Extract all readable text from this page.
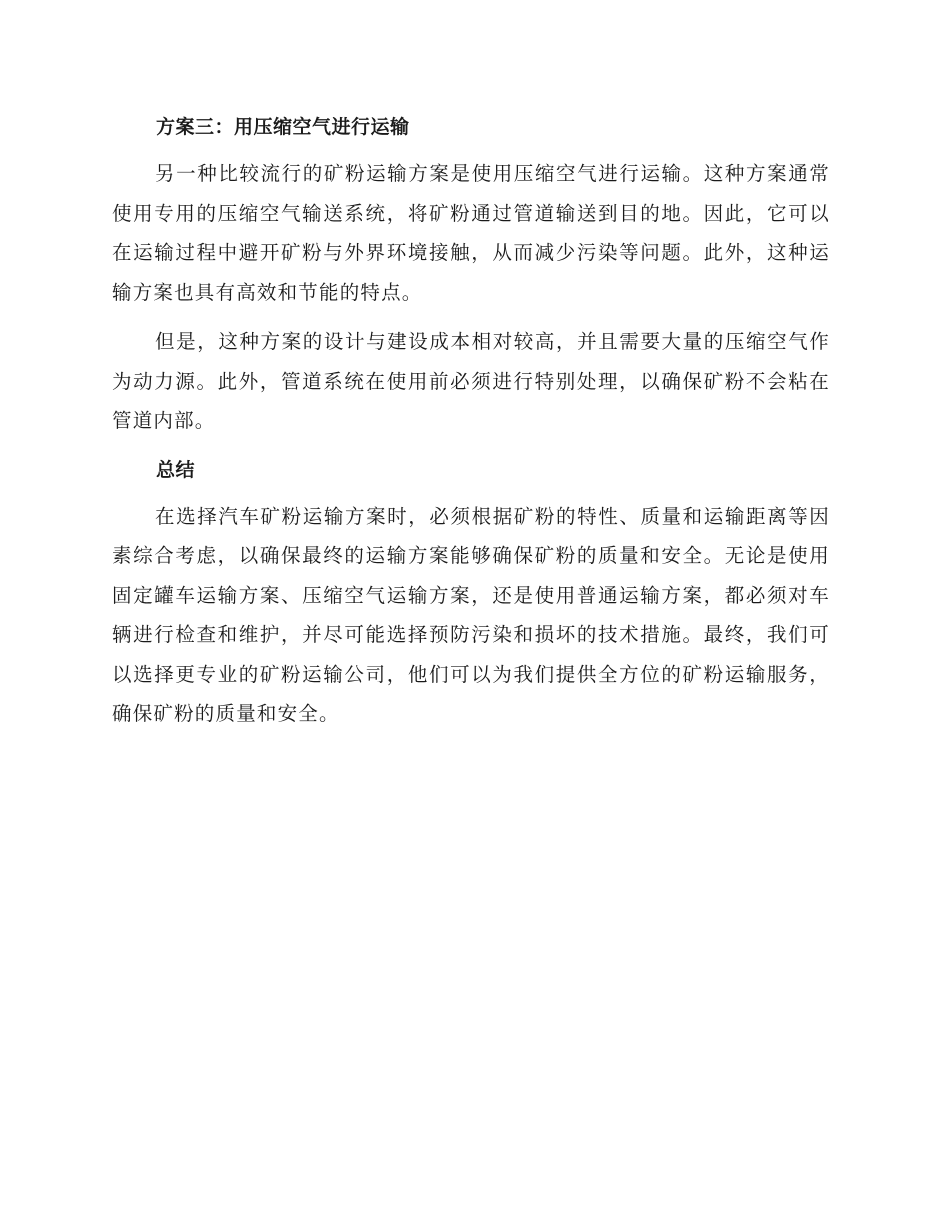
方案三：用压缩空气进行运输

另一种比较流行的矿粉运输方案是使用压缩空气进行运输。这种方案通常使用专用的压缩空气输送系统，将矿粉通过管道输送到目的地。因此，它可以在运输过程中避开矿粉与外界环境接触，从而减少污染等问题。此外，这种运输方案也具有高效和节能的特点。

但是，这种方案的设计与建设成本相对较高，并且需要大量的压缩空气作为动力源。此外，管道系统在使用前必须进行特别处理，以确保矿粉不会粘在管道内部。

总结

在选择汽车矿粉运输方案时，必须根据矿粉的特性、质量和运输距离等因素综合考虑，以确保最终的运输方案能够确保矿粉的质量和安全。无论是使用固定罐车运输方案、压缩空气运输方案，还是使用普通运输方案，都必须对车辆进行检查和维护，并尽可能选择预防污染和损坏的技术措施。最终，我们可以选择更专业的矿粉运输公司，他们可以为我们提供全方位的矿粉运输服务，确保矿粉的质量和安全。
